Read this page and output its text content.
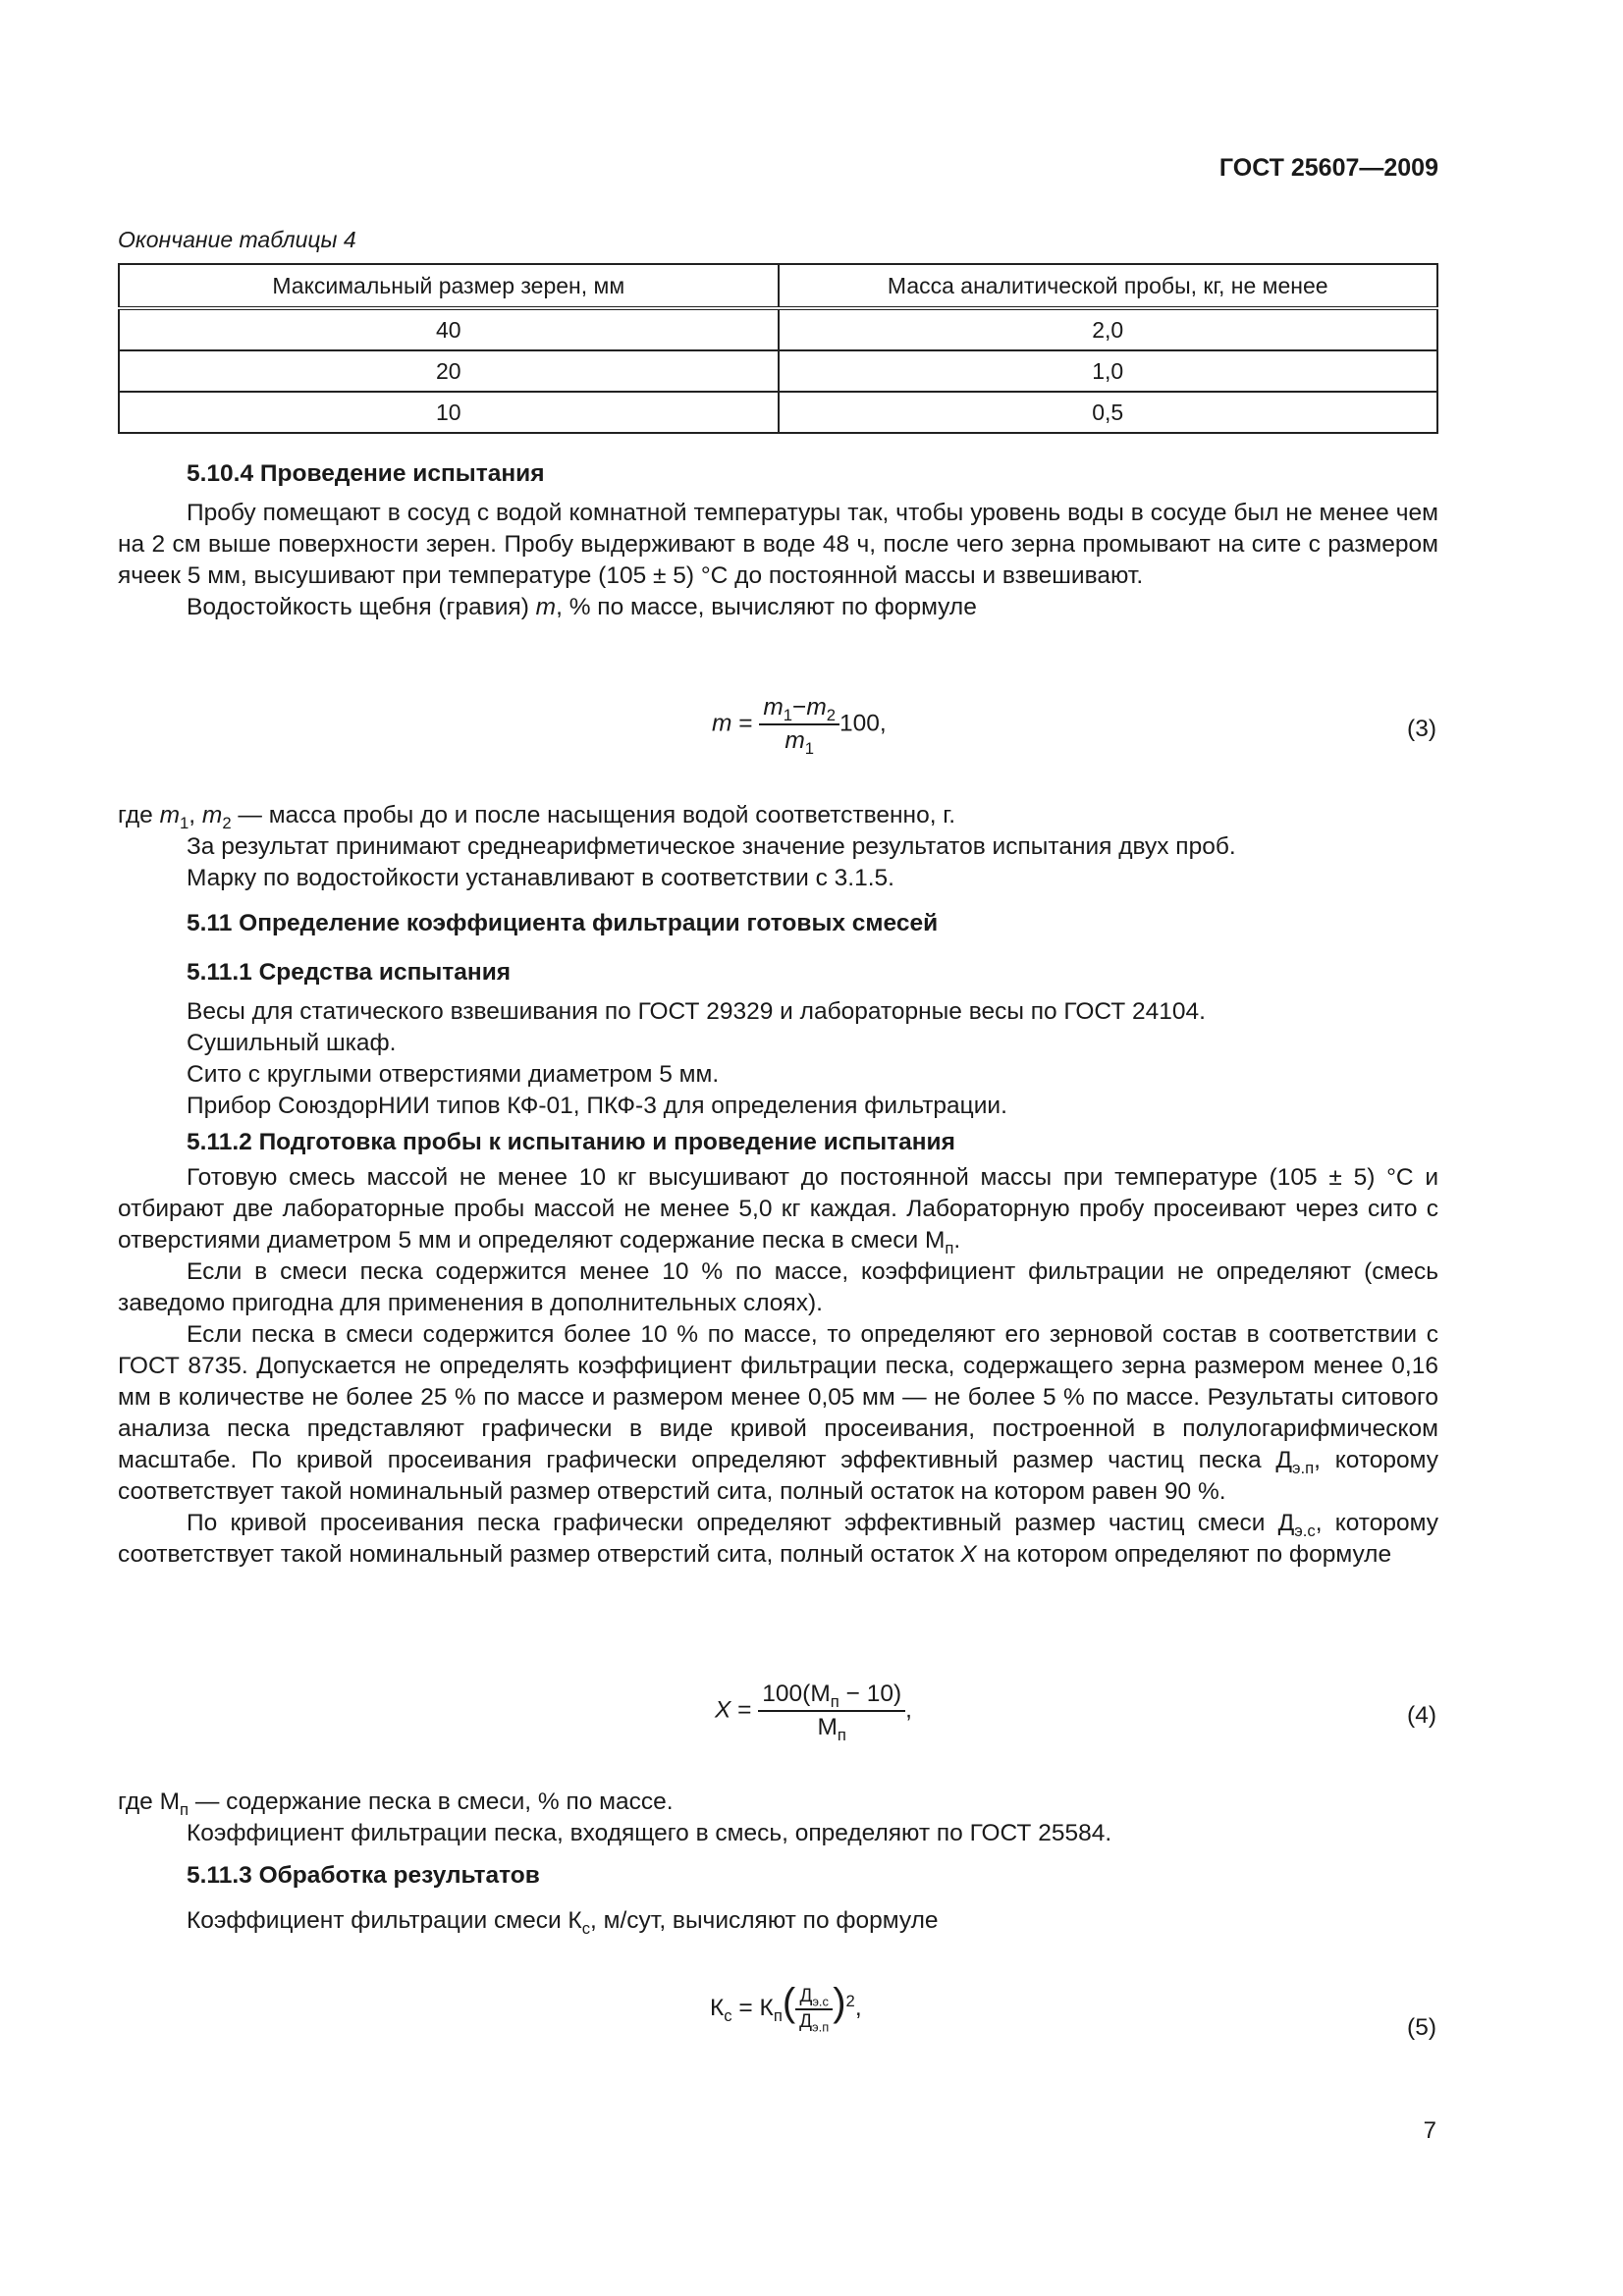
ГОСТ 25607—2009
Окончание таблицы 4
Максимальный размер зерен, мм	Масса аналитической пробы, кг, не менее
40	2,0
20	1,0
10	0,5
5.10.4 Проведение испытания

Пробу помещают в сосуд с водой комнатной температуры так, чтобы уровень воды в сосуде был не менее чем на 2 см выше поверхности зерен. Пробу выдерживают в воде 48 ч, после чего зерна промывают на сите с размером ячеек 5 мм, высушивают при температуре (105 ± 5) °С до постоянной массы и взвешивают.

Водостойкость щебня (гравия) m, % по массе, вычисляют по формуле

$m = \frac{m_1-m_2}{m_1} 100$,	(3)

где $m_1$, $m_2$ — масса пробы до и после насыщения водой соответственно, г.

За результат принимают среднеарифметическое значение результатов испытания двух проб.

Марку по водостойкости устанавливают в соответствии с 3.1.5.

5.11 Определение коэффициента фильтрации готовых смесей
5.11.1 Средства испытания
Весы для статического взвешивания по ГОСТ 29329 и лабораторные весы по ГОСТ 24104.
Сушильный шкаф.
Сито с круглыми отверстиями диаметром 5 мм.
Прибор СоюздорНИИ типов КФ-01, ПКФ-3 для определения фильтрации.
5.11.2 Подготовка пробы к испытанию и проведение испытания

Готовую смесь массой не менее 10 кг высушивают до постоянной массы при температуре (105 ± 5) °С и отбирают две лабораторные пробы массой не менее 5,0 кг каждая. Лабораторную пробу просеивают через сито с отверстиями диаметром 5 мм и определяют содержание песка в смеси $М_п$.

Если в смеси песка содержится менее 10 % по массе, коэффициент фильтрации не определяют (смесь заведомо пригодна для применения в дополнительных слоях).

Если песка в смеси содержится более 10 % по массе, то определяют его зерновой состав в соответствии с ГОСТ 8735. Допускается не определять коэффициент фильтрации песка, содержащего зерна размером менее 0,16 мм в количестве не более 25 % по массе и размером менее 0,05 мм — не более 5 % по массе. Результаты ситового анализа песка представляют графически в виде кривой просеивания, построенной в полулогарифмическом масштабе. По кривой просеивания графически определяют эффективный размер частиц песка $Д_{э.п}$, которому соответствует такой номинальный размер отверстий сита, полный остаток на котором равен 90 %.

По кривой просеивания песка графически определяют эффективный размер частиц смеси $Д_{э.с}$, которому соответствует такой номинальный размер отверстий сита, полный остаток X на котором определяют по формуле

$X = \frac{100(М_п - 10)}{М_п}$ ,	(4)

где $М_п$ — содержание песка в смеси, % по массе.

Коэффициент фильтрации песка, входящего в смесь, определяют по ГОСТ 25584.

5.11.3 Обработка результатов

Коэффициент фильтрации смеси $К_с$, м/сут, вычисляют по формуле

$К_с = К_п( \frac{Д_{э.с}}{Д_{э.п}} )^2$,
(5)
7
